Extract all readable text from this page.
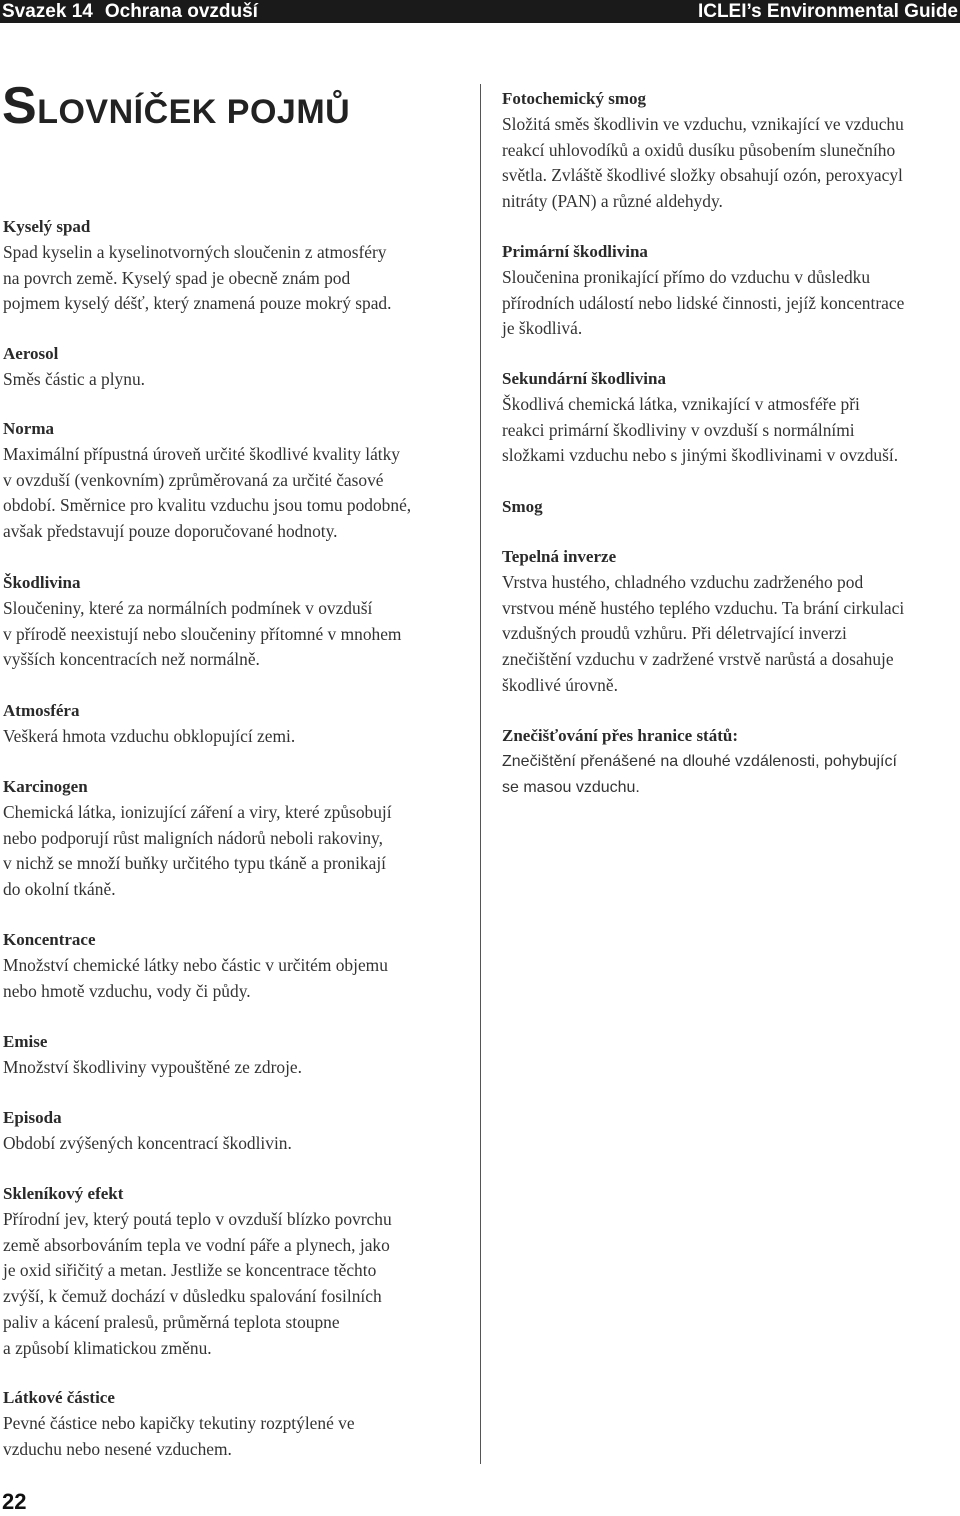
Svazek 14 Ochrana ovzduší	ICLEI’s Environmental Guide
SLOVNÍČEK POJMŮ
Kyselý spad
Spad kyselin a kyselinotvorných sloučenin z atmosféry
na povrch země. Kyselý spad je obecně znám pod
pojmem kyselý déšť, který znamená pouze mokrý spad.
Aerosol
Směs částic a plynu.
Norma
Maximální přípustná úroveň určité škodlivé kvality látky
v ovzduší (venkovním) zprůměrovaná za určité časové
období. Směrnice pro kvalitu vzduchu jsou tomu podobné,
avšak představují pouze doporučované hodnoty.
Škodlivina
Sloučeniny, které za normálních podmínek v ovzduší
v přírodě neexistují nebo sloučeniny přítomné v mnohem
vyšších koncentracích než normálně.
Atmosféra
Veškerá hmota vzduchu obklopující zemi.
Karcinogen
Chemická látka, ionizující záření a viry, které způsobují
nebo podporují růst maligních nádorů neboli rakoviny,
v nichž se množí buňky určitého typu tkáně a pronikají
do okolní tkáně.
Koncentrace
Množství chemické látky nebo částic v určitém objemu
nebo hmotě vzduchu, vody či půdy.
Emise
Množství škodliviny vypouštěné ze zdroje.
Episoda
Období zvýšených koncentrací škodlivin.
Skleníkový efekt
Přírodní jev, který poutá teplo v ovzduší blízko povrchu
země absorbováním tepla ve vodní páře a plynech, jako
je oxid siřičitý a metan. Jestliže se koncentrace těchto
zvýší, k čemuž dochází v důsledku spalování fosilních
paliv a kácení pralesů, průměrná teplota stoupne
a způsobí klimatickou změnu.
Látkové částice
Pevné částice nebo kapičky tekutiny rozptýlené ve
vzduchu nebo nesené vzduchem.
Fotochemický smog
Složitá směs škodlivin ve vzduchu, vznikající ve vzduchu
reakcí uhlovodíků a oxidů dusíku působením slunečního
světla. Zvláště škodlivé složky obsahují ozón, peroxyacyl
nitráty (PAN) a různé aldehydy.
Primární škodlivina
Sloučenina pronikající přímo do vzduchu v důsledku
přírodních událostí nebo lidské činnosti, jejíž koncentrace
je škodlivá.
Sekundární škodlivina
Škodlivá chemická látka, vznikající v atmosféře při
reakci primární škodliviny v ovzduší s normálními
složkami vzduchu nebo s jinými škodlivinami v ovzduší.
Smog
Tepelná inverze
Vrstva hustého, chladného vzduchu zadrženého pod
vrstvou méně hustého teplého vzduchu. Ta brání cirkulaci
vzdušných proudů vzhůru. Při déletrvající inverzi
znečištění vzduchu v zadržené vrstvě narůstá a dosahuje
škodlivé úrovně.
Znečišťování přes hranice států:
Znečištění přenášené na dlouhé vzdálenosti, pohybující
se masou vzduchu.
22
